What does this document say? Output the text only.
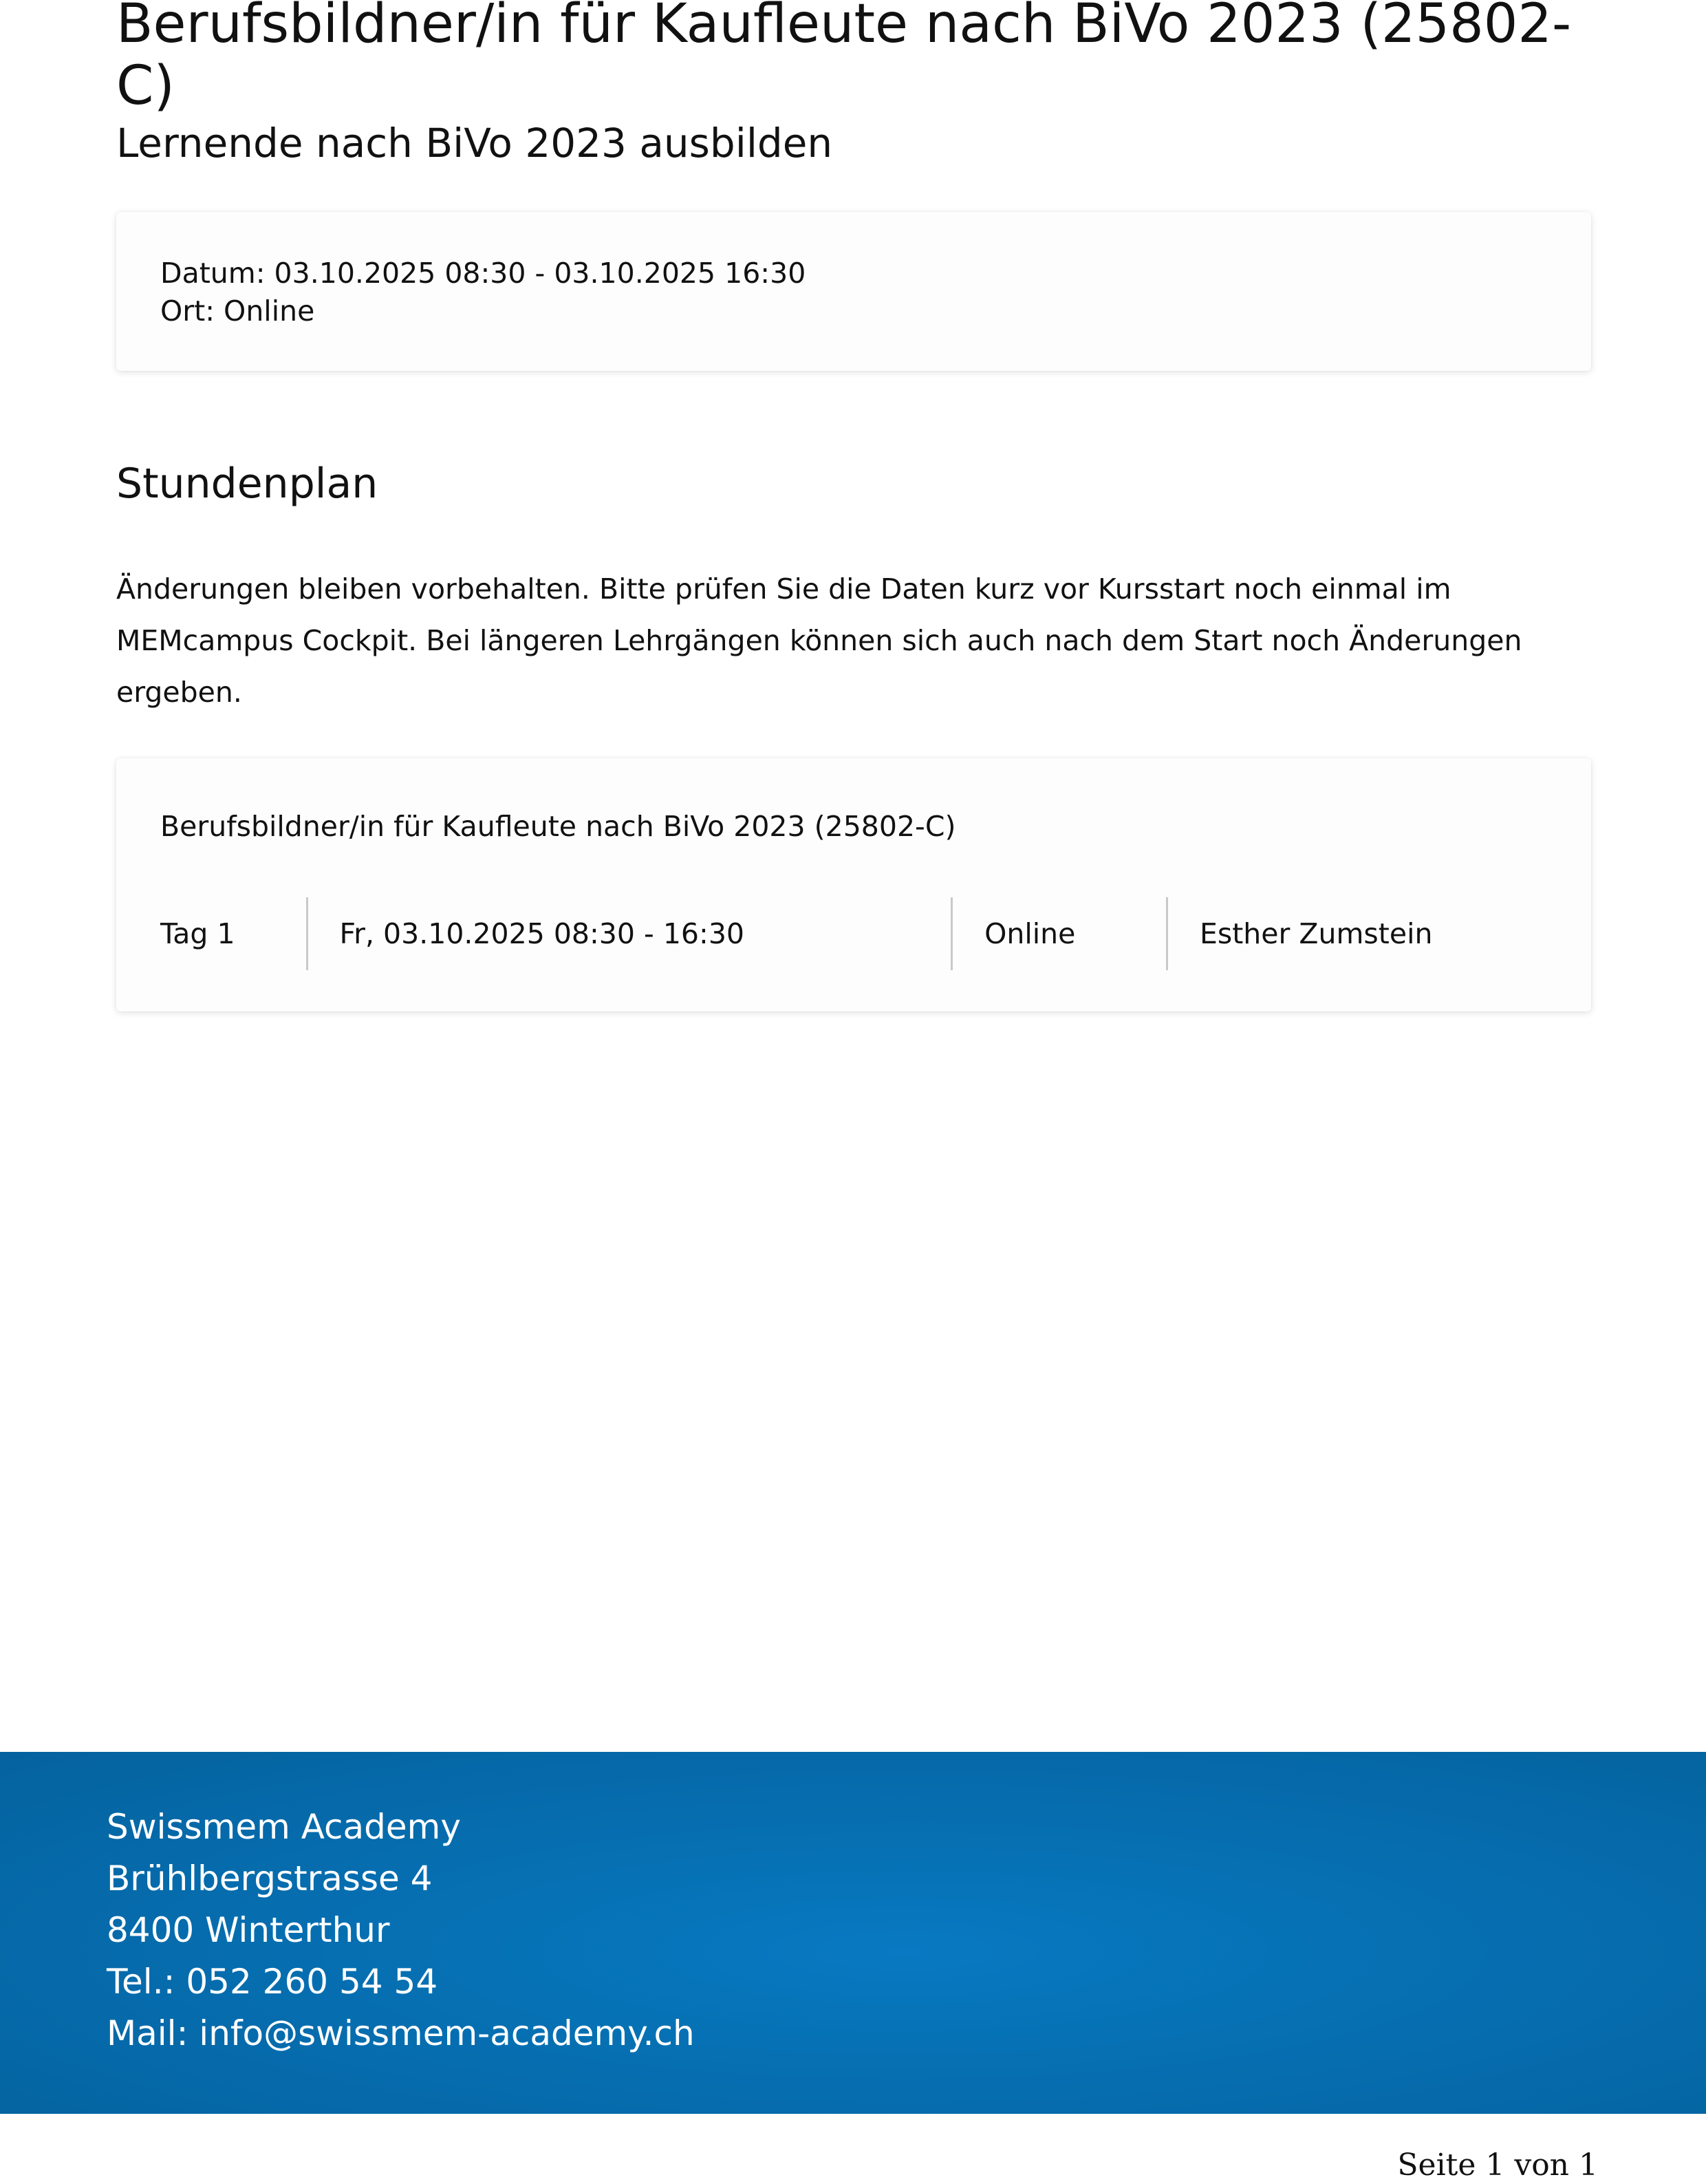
Berufsbildner/in für Kaufleute nach BiVo 2023 (25802-C)
Lernende nach BiVo 2023 ausbilden
Datum: 03.10.2025 08:30 - 03.10.2025 16:30
Ort: Online
Stundenplan

Änderungen bleiben vorbehalten. Bitte prüfen Sie die Daten kurz vor Kursstart noch einmal im MEMcampus Cockpit. Bei längeren Lehrgängen können sich auch nach dem Start noch Änderungen ergeben.

Berufsbildner/in für Kaufleute nach BiVo 2023 (25802-C)
Tag 1	Fr, 03.10.2025 08:30 - 16:30	Online	Esther Zumstein
Swissmem Academy
Brühlbergstrasse 4
8400 Winterthur
Tel.: 052 260 54 54
Mail: info@swissmem-academy.ch
Seite 1 von 1
